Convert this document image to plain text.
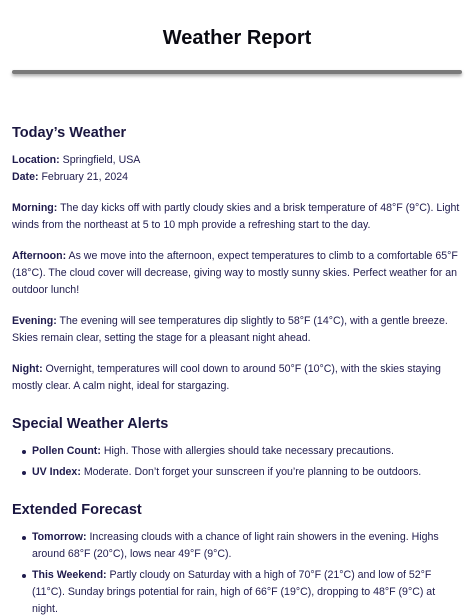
Weather Report
Today’s Weather

Location: Springfield, USA

Date: February 21, 2024

Morning: The day kicks off with partly cloudy skies and a brisk temperature of 48°F (9°C). Light winds from the northeast at 5 to 10 mph provide a refreshing start to the day.

Afternoon: As we move into the afternoon, expect temperatures to climb to a comfortable 65°F (18°C). The cloud cover will decrease, giving way to mostly sunny skies. Perfect weather for an outdoor lunch!

Evening: The evening will see temperatures dip slightly to 58°F (14°C), with a gentle breeze. Skies remain clear, setting the stage for a pleasant night ahead.

Night: Overnight, temperatures will cool down to around 50°F (10°C), with the skies staying mostly clear. A calm night, ideal for stargazing.

Special Weather Alerts
Pollen Count: High. Those with allergies should take necessary precautions.
UV Index: Moderate. Don’t forget your sunscreen if you’re planning to be outdoors.
Extended Forecast
Tomorrow: Increasing clouds with a chance of light rain showers in the evening. Highs around 68°F (20°C), lows near 49°F (9°C).
This Weekend: Partly cloudy on Saturday with a high of 70°F (21°C) and low of 52°F (11°C). Sunday brings potential for rain, high of 66°F (19°C), dropping to 48°F (9°C) at night.
